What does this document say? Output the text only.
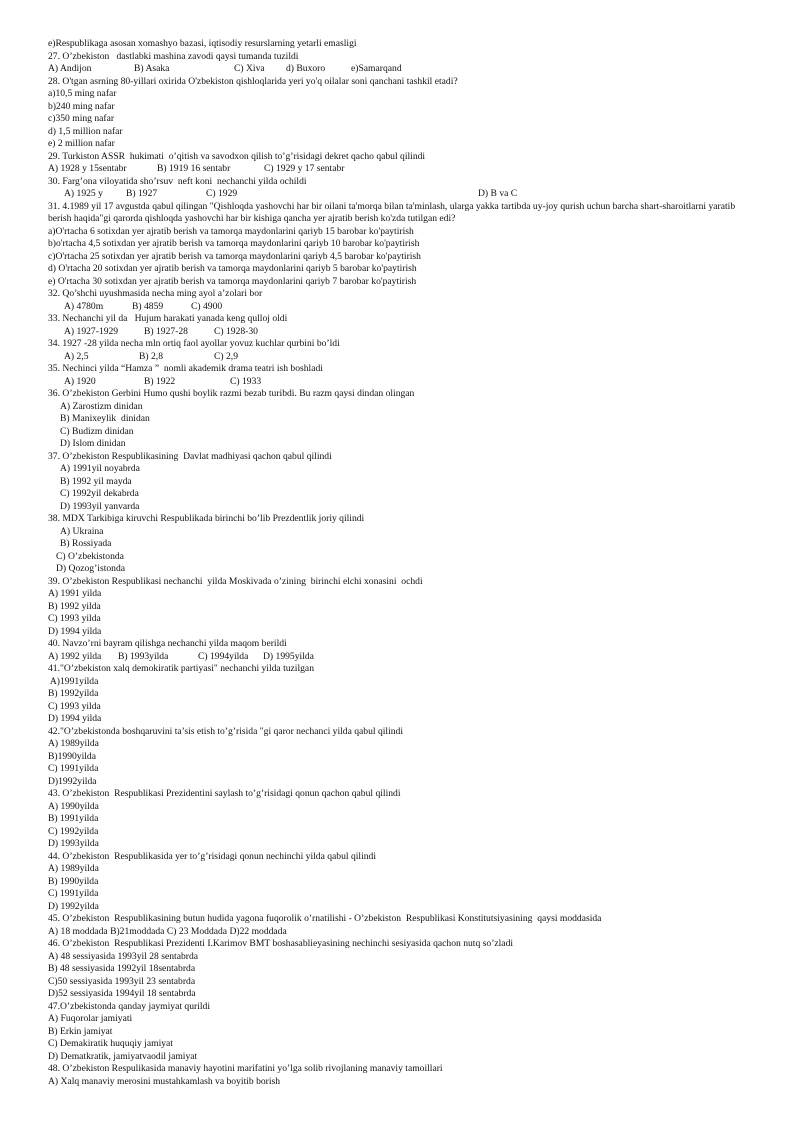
e)Respublikaga asosan xomashyo bazasi, iqtisodiy resurslarning yetarli emasligi
27. O’zbekiston   dastlabki mashina zavodi qaysi tumanda tuzildi

A) Andijon

	B) Asaka

	C) Xiva

d) Buxoro

	e)Samarqand

28. O'tgan asrning 80-yillari oxirida O'zbekiston qishloqlarida yeri yo'q oilalar soni qanchani tashkil etadi?
a)10,5 ming nafar
b)240 ming nafar
c)350 ming nafar
d) 1,5 million nafar
e) 2 million nafar
29. Turkiston ASSR  hukimati  o’qitish va savodxon qilish to’g’risidagi dekret qacho qabul qilindi

A) 1928 y 15sentabr

	B) 1919 16 sentabr

	C) 1929 y 17 sentabr

30. Farg’ona viloyatida sho’rsuv  neft koni  nechanchi yilda ochildi

A) 1925 y

B) 1927

	C) 1929

	D) B va C

31. 4.1989 yil 17 avgustda qabul qilingan "Qishloqda yashovchi har bir oilani ta'morqa bilan ta'minlash, ularga yakka tartibda uy-joy qurish uchun barcha shart-sharoitlarni yaratib berish haqida"gi qarorda qishloqda yashovchi har bir kishiga qancha yer ajratib berish ko'zda tutilgan edi?
a)O'rtacha 6 sotixdan yer ajratib berish va tamorqa maydonlarini qariyb 15 barobar ko'paytirish
b)o'rtacha 4,5 sotixdan yer ajratib berish va tamorqa maydonlarini qariyb 10 barobar ko'paytirish
c)O'rtacha 25 sotixdan yer ajratib berish va tamorqa maydonlarini qariyb 4,5 barobar ko'paytirish
d) O'rtacha 20 sotixdan yer ajratib berish va tamorqa maydonlarini qariyb 5 barobar ko'paytirish
e) O'rtacha 30 sotixdan yer ajratib berish va tamorqa maydonlarini qariyb 7 barobar ko'paytirish
32. Qo’shchi uyushmasida necha ming ayol a’zolari bor

A) 4780m

	B) 4859

	C) 4900

33. Nechanchi yil da   Hujum harakati yanada keng qulloj oldi

A) 1927-1929

	B) 1927-28

	C) 1928-30

34. 1927 -28 yilda necha mln ortiq faol ayollar yovuz kuchlar qurbini bo’ldi

A) 2,5

	B) 2,8

	C) 2,9

35. Nechinci yilda “Hamza ”  nomli akademik drama teatri ish boshladi

A) 1920

	B) 1922

	C) 1933

36. O’zbekiston Gerbini Humo qushi boylik razmi bezab turibdi. Bu razm qaysi dindan olingan
A) Zarostizm dinidan
B) Manixeylik  dinidan
C) Budizm dinidan
D) Islom dinidan
37. O’zbekiston Respublikasining  Davlat madhiyasi qachon qabul qilindi
A) 1991yil noyabrda
B) 1992 yil mayda
C) 1992yil dekabrda
D) 1993yil yanvarda
38. MDX Tarkibiga kiruvchi Respublikada birinchi bo’lib Prezdentlik joriy qilindi
A) Ukraina
B) Rossiyada
C) O’zbekistonda
D) Qozog’istonda
39. O’zbekiston Respublikasi nechanchi  yilda Moskivada o’zining  birinchi elchi xonasini  ochdi
A) 1991 yilda
B) 1992 yilda
C) 1993 yilda
D) 1994 yilda
40. Navzo’rni bayram qilishga nechanchi yilda maqom berildi

A) 1992 yilda

B) 1993yilda

	C) 1994yilda

D) 1995yilda

41."O’zbekiston xalq demokiratik partiyasi" nechanchi yilda tuzilgan
A)1991yilda
B) 1992yilda
C) 1993 yilda
D) 1994 yilda
42."O’zbekistonda boshqaruvini ta’sis etish to’g’risida "gi qaror nechanci yilda qabul qilindi
A) 1989yilda
B)1990yilda
C) 1991yilda
D)1992yilda
43. O’zbekiston  Respublikasi Prezidentini saylash to’g’risidagi qonun qachon qabul qilindi
A) 1990yilda
B) 1991yilda
C) 1992yilda
D) 1993yilda
44. O’zbekiston  Respublikasida yer to’g’risidagi qonun nechinchi yilda qabul qilindi
A) 1989yilda
B) 1990yilda
C) 1991yilda
D) 1992yilda
45. O’zbekiston  Respublikasining butun hudida yagona fuqorolik o’rnatilishi - O’zbekiston  Respublikasi Konstitutsiyasining  qaysi moddasida
A) 18 moddada B)21moddada C) 23 Moddada D)22 moddada
46. O’zbekiston  Respublikasi Prezidenti I.Karimov BMT boshasablieyasining nechinchi sesiyasida qachon nutq so’zladi
A) 48 sessiyasida 1993yil 28 sentabrda
B) 48 sessiyasida 1992yil 18sentabrda
C)50 sessiyasida 1993yil 23 sentabrda
D)52 sessiyasida 1994yil 18 sentabrda
47.O’zbekistonda qanday jaymiyat qurildi
A) Fuqorolar jamiyati
B) Erkin jamiyat
C) Demakiratik huquqiy jamiyat
D) Dematkratik, jamiyatvaodil jamiyat
48. O’zbekiston Respulikasida manaviy hayotini marifatini yo’lga solib rivojlaning manaviy tamoillari
A) Xalq manaviy merosini mustahkamlash va boyitib borish
